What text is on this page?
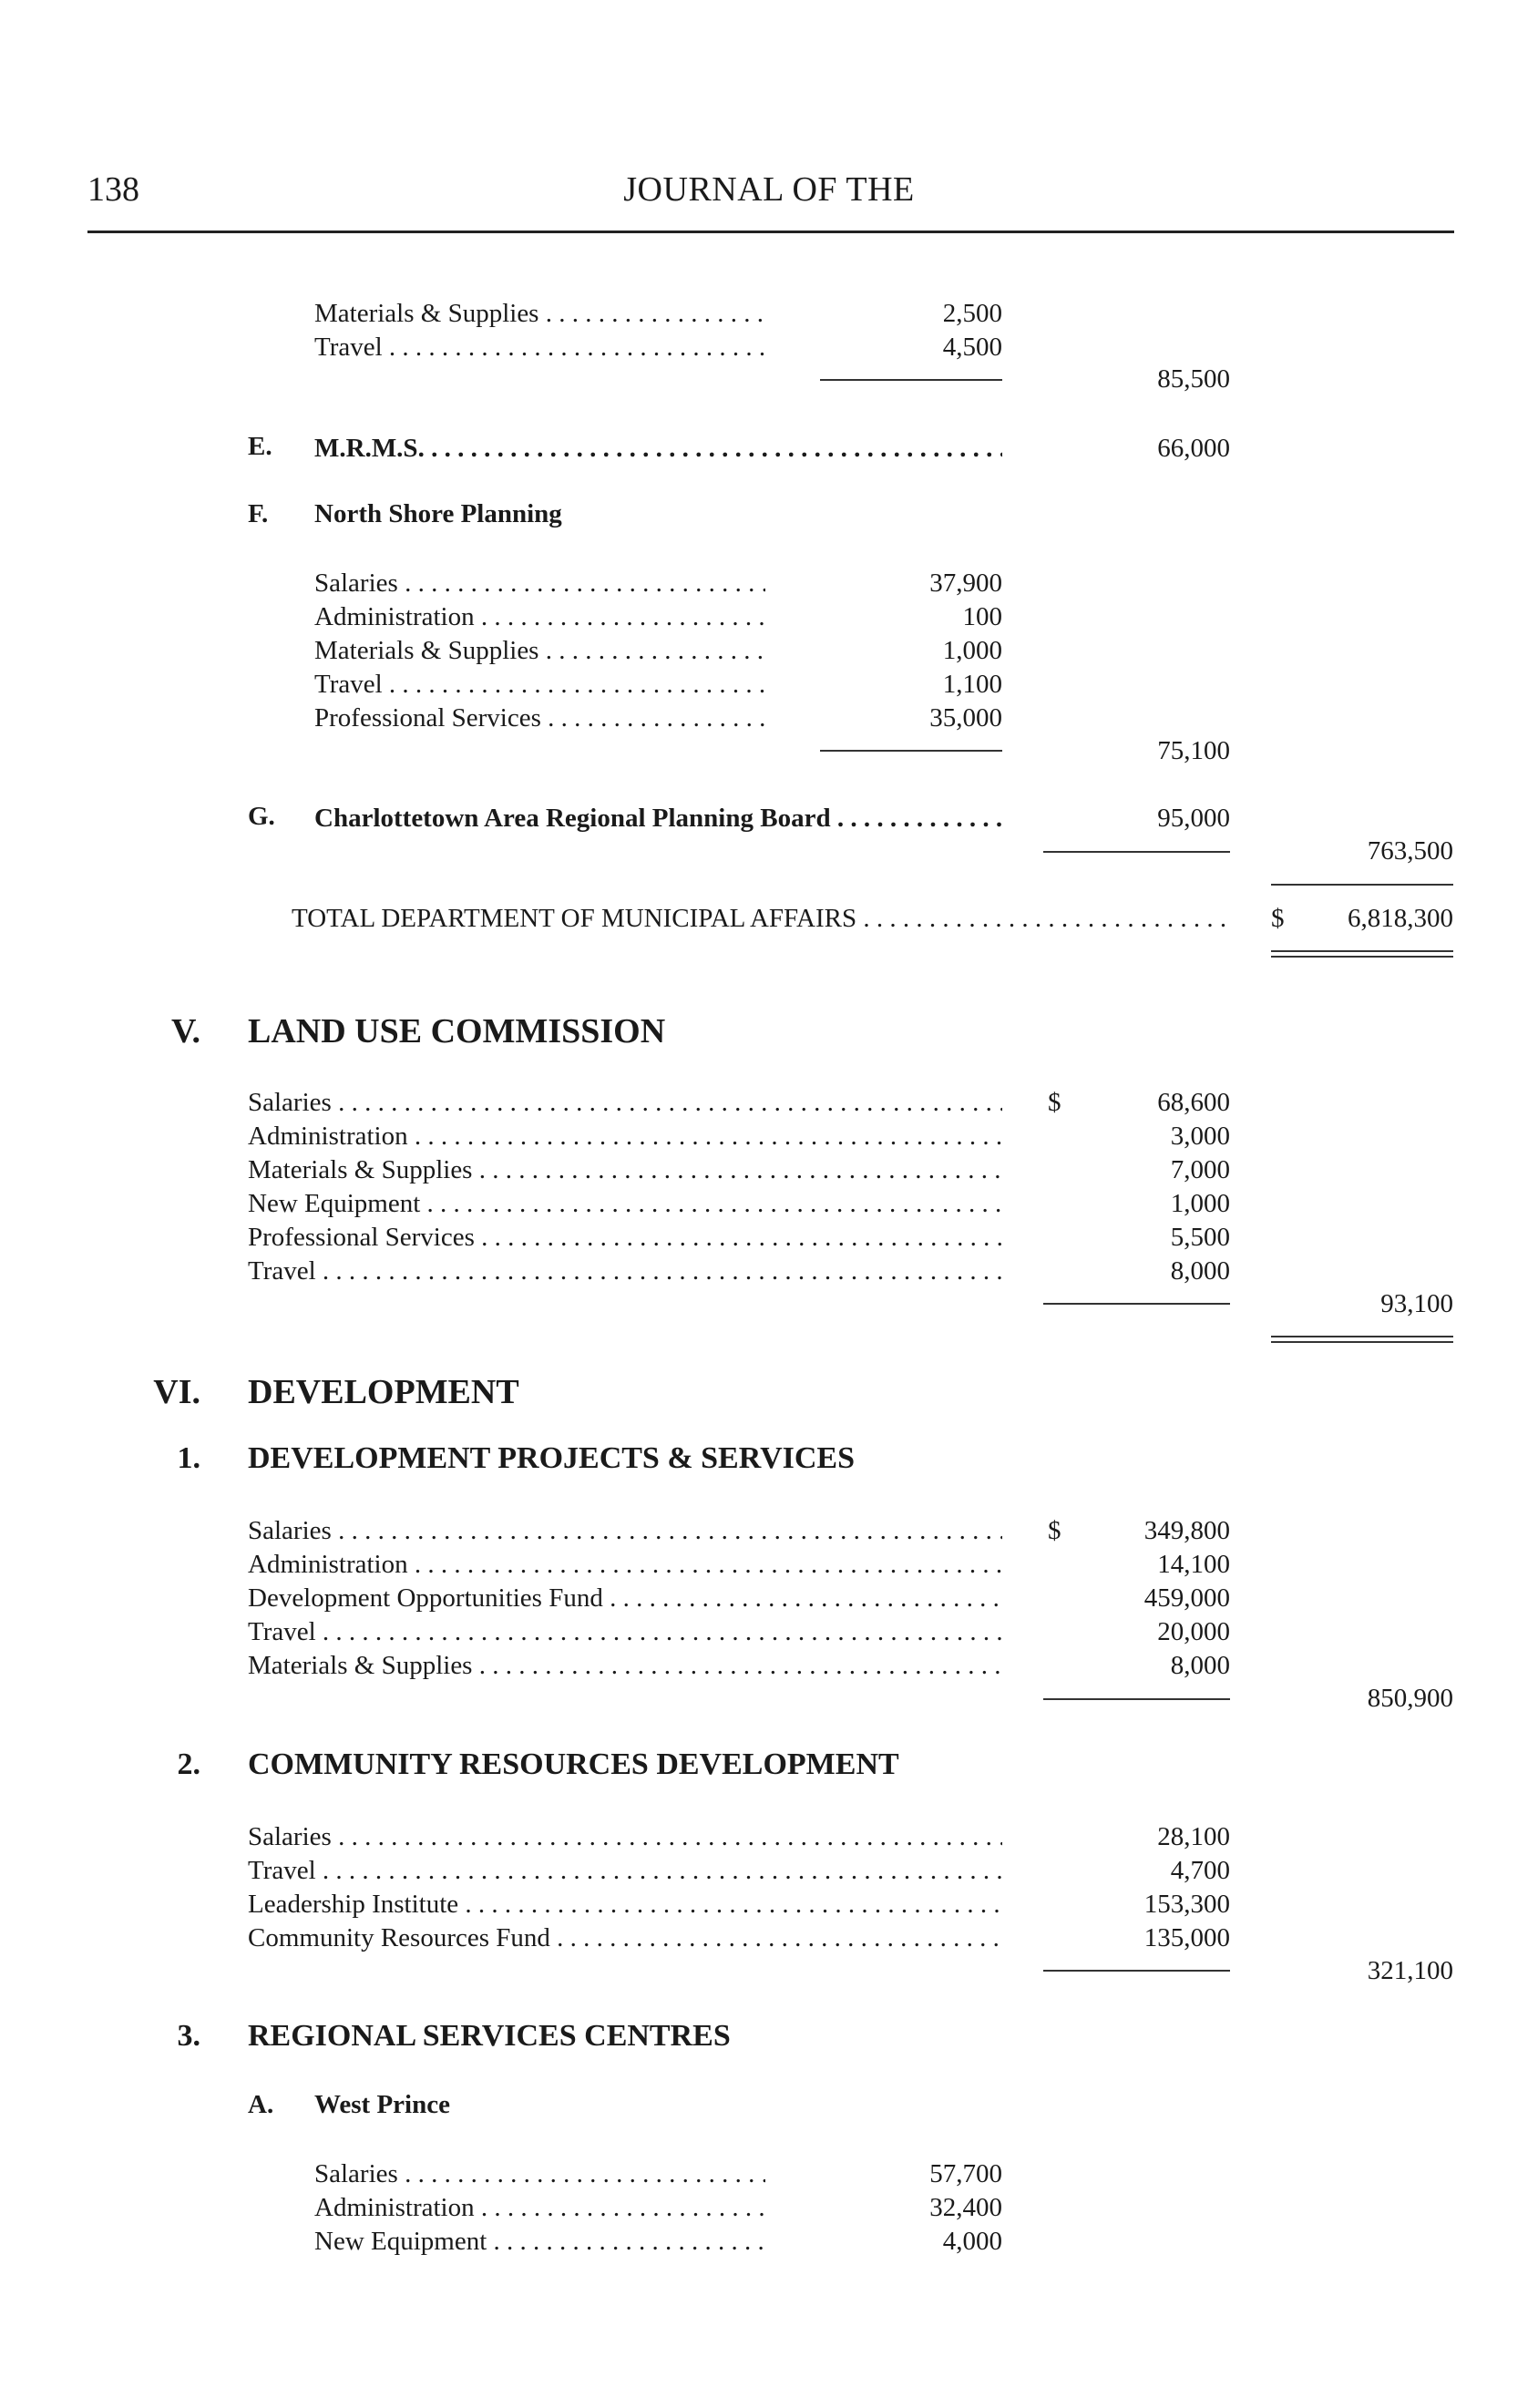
138	JOURNAL OF THE
Materials & Supplies . . .	2,500
Travel . . .	4,500
85,500
E. M.R.M.S. . . .	66,000
F. North Shore Planning
Salaries . . .	37,900
Administration . . .	100
Materials & Supplies . . .	1,000
Travel . . .	1,100
Professional Services . . .	35,000
75,100
G. Charlottetown Area Regional Planning Board . . .	95,000
763,500
TOTAL DEPARTMENT OF MUNICIPAL AFFAIRS . . .	$	6,818,300
V. LAND USE COMMISSION
$
Salaries . . .	68,600
Administration . . .	3,000
Materials & Supplies . . .	7,000
New Equipment . . .	1,000
Professional Services . . .	5,500
Travel . . .	8,000
93,100
VI. DEVELOPMENT
1. DEVELOPMENT PROJECTS & SERVICES
$
Salaries . . .	349,800
Administration . . .	14,100
Development Opportunities Fund . . .	459,000
Travel . . .	20,000
Materials & Supplies . . .	8,000
850,900
2. COMMUNITY RESOURCES DEVELOPMENT
Salaries . . .	28,100
Travel . . .	4,700
Leadership Institute . . .	153,300
Community Resources Fund . . .	135,000
321,100
3. REGIONAL SERVICES CENTRES
A. West Prince
Salaries . . .	57,700
Administration . . .	32,400
New Equipment . . .	4,000
